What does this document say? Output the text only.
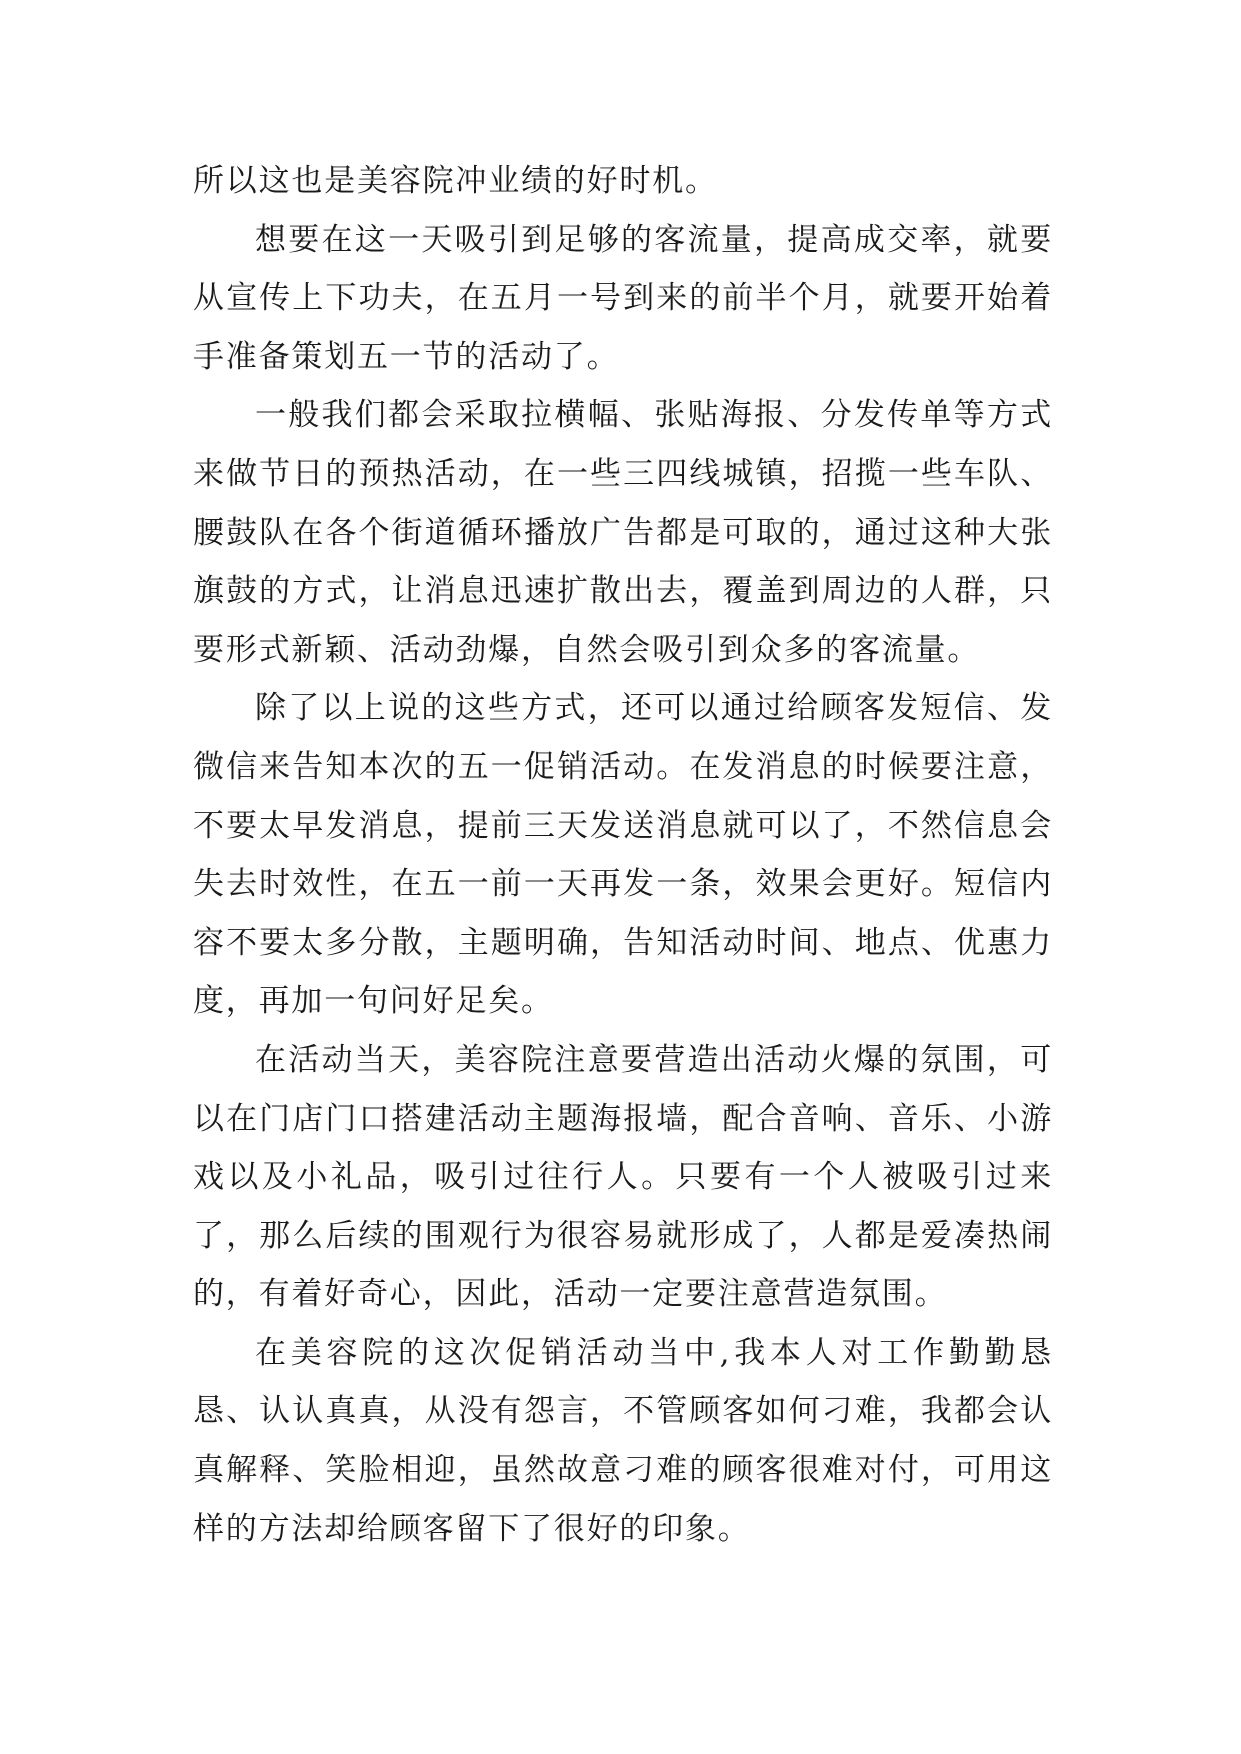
所以这也是美容院冲业绩的好时机。

想要在这一天吸引到足够的客流量，提高成交率，就要从宣传上下功夫，在五月一号到来的前半个月，就要开始着手准备策划五一节的活动了。

一般我们都会采取拉横幅、张贴海报、分发传单等方式来做节日的预热活动，在一些三四线城镇，招揽一些车队、腰鼓队在各个街道循环播放广告都是可取的，通过这种大张旗鼓的方式，让消息迅速扩散出去，覆盖到周边的人群，只要形式新颖、活动劲爆，自然会吸引到众多的客流量。

除了以上说的这些方式，还可以通过给顾客发短信、发微信来告知本次的五一促销活动。在发消息的时候要注意，不要太早发消息，提前三天发送消息就可以了，不然信息会失去时效性，在五一前一天再发一条，效果会更好。短信内容不要太多分散，主题明确，告知活动时间、地点、优惠力度，再加一句问好足矣。

在活动当天，美容院注意要营造出活动火爆的氛围，可以在门店门口搭建活动主题海报墙，配合音响、音乐、小游戏以及小礼品，吸引过往行人。只要有一个人被吸引过来了，那么后续的围观行为很容易就形成了，人都是爱凑热闹的，有着好奇心，因此，活动一定要注意营造氛围。

在美容院的这次促销活动当中,我本人对工作勤勤恳恳、认认真真，从没有怨言，不管顾客如何刁难，我都会认真解释、笑脸相迎，虽然故意刁难的顾客很难对付，可用这样的方法却给顾客留下了很好的印象。
